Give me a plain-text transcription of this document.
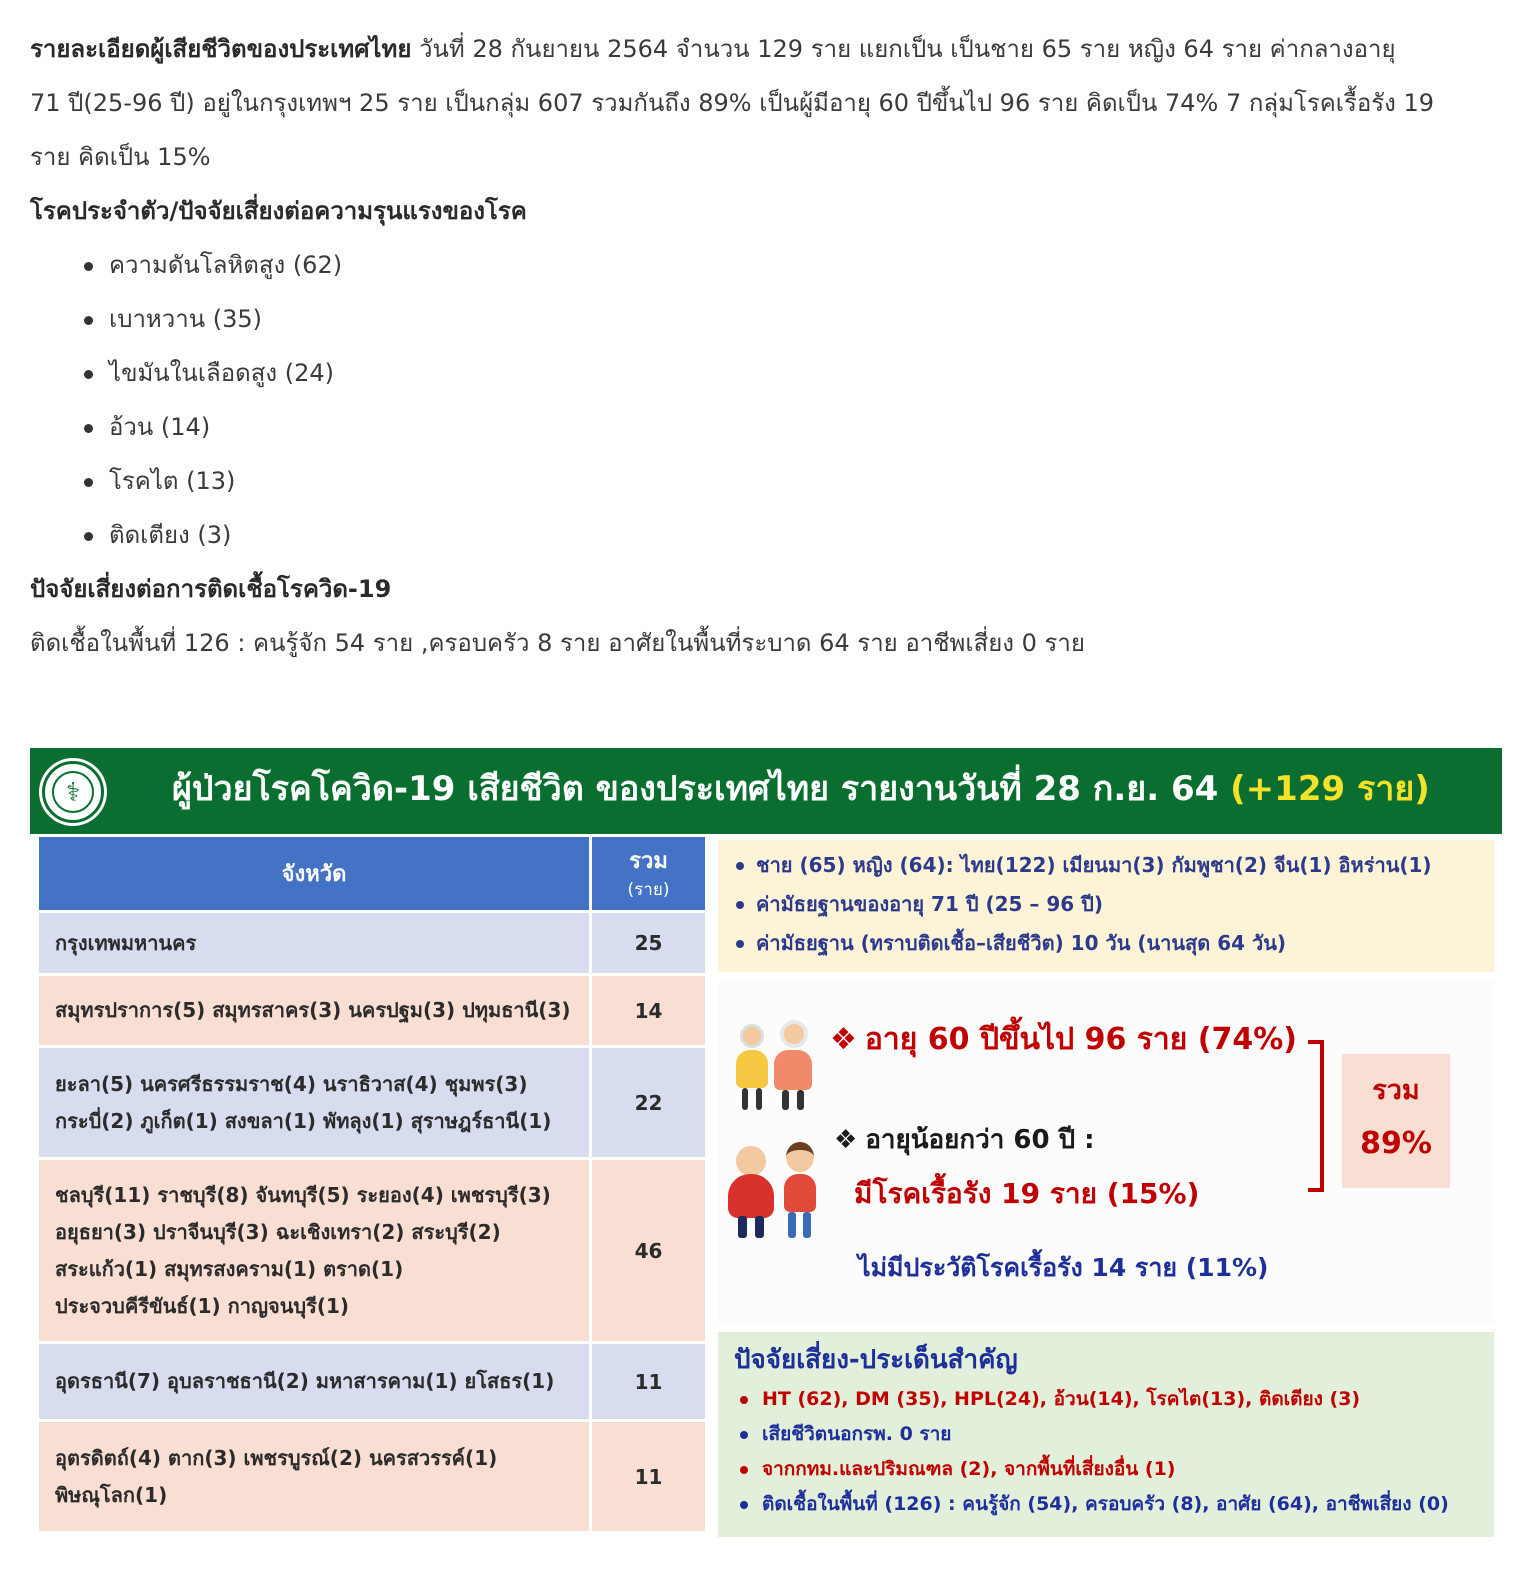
รายละเอียดผู้เสียชีวิตของประเทศไทย วันที่ 28 กันยายน 2564 จำนวน 129 ราย แยกเป็น เป็นชาย 65 ราย หญิง 64 ราย ค่ากลางอายุ
71 ปี(25-96 ปี) อยู่ในกรุงเทพฯ 25 ราย เป็นกลุ่ม 607 รวมกันถึง 89% เป็นผู้มีอายุ 60 ปีขึ้นไป 96 ราย คิดเป็น 74% 7 กลุ่มโรคเรื้อรัง 19
ราย คิดเป็น 15%

โรคประจำตัว/ปัจจัยเสี่ยงต่อความรุนแรงของโรค

ความดันโลหิตสูง (62)
เบาหวาน (35)
ไขมันในเลือดสูง (24)
อ้วน (14)
โรคไต (13)
ติดเตียง (3)

ปัจจัยเสี่ยงต่อการติดเชื้อโรควิด-19

ติดเชื้อในพื้นที่ 126 : คนรู้จัก 54 ราย ,ครอบครัว 8 ราย อาศัยในพื้นที่ระบาด 64 ราย อาชีพเสี่ยง 0 ราย

⚕
ผู้ป่วยโรคโควิด-19 เสียชีวิต ของประเทศไทย รายงานวันที่ 28 ก.ย. 64 (+129 ราย)
จังหวัด	รวม
(ราย)

กรุงเทพมหานคร	25
สมุทรปราการ(5) สมุทรสาคร(3) นครปฐม(3) ปทุมธานี(3)	14
ยะลา(5) นครศรีธรรมราช(4) นราธิวาส(4) ชุมพร(3)
กระบี่(2) ภูเก็ต(1) สงขลา(1) พัทลุง(1) สุราษฎร์ธานี(1)	22
ชลบุรี(11) ราชบุรี(8) จันทบุรี(5) ระยอง(4) เพชรบุรี(3)
อยุธยา(3) ปราจีนบุรี(3) ฉะเชิงเทรา(2) สระบุรี(2)
สระแก้ว(1) สมุทรสงคราม(1) ตราด(1)
ประจวบคีรีขันธ์(1) กาญจนบุรี(1)	46
อุดรธานี(7) อุบลราชธานี(2) มหาสารคาม(1) ยโสธร(1)	11
อุตรดิตถ์(4) ตาก(3) เพชรบูรณ์(2) นครสวรรค์(1)
พิษณุโลก(1)	11
ชาย (65) หญิง (64): ไทย(122) เมียนมา(3) กัมพูชา(2) จีน(1) อิหร่าน(1)
ค่ามัธยฐานของอายุ 71 ปี (25 – 96 ปี)
ค่ามัธยฐาน (ทราบติดเชื้อ–เสียชีวิต) 10 วัน (นานสุด 64 วัน)
❖ อายุ 60 ปีขึ้นไป 96 ราย (74%)
❖ อายุน้อยกว่า 60 ปี :
มีโรคเรื้อรัง 19 ราย (15%)
ไม่มีประวัติโรคเรื้อรัง 14 ราย (11%)
รวม
89%
ปัจจัยเสี่ยง-ประเด็นสำคัญ
HT (62), DM (35), HPL(24), อ้วน(14), โรคไต(13), ติดเตียง (3)
เสียชีวิตนอกรพ. 0 ราย
จากกทม.และปริมณฑล (2), จากพื้นที่เสี่ยงอื่น (1)
ติดเชื้อในพื้นที่ (126) : คนรู้จัก (54), ครอบครัว (8), อาศัย (64), อาชีพเสี่ยง (0)
